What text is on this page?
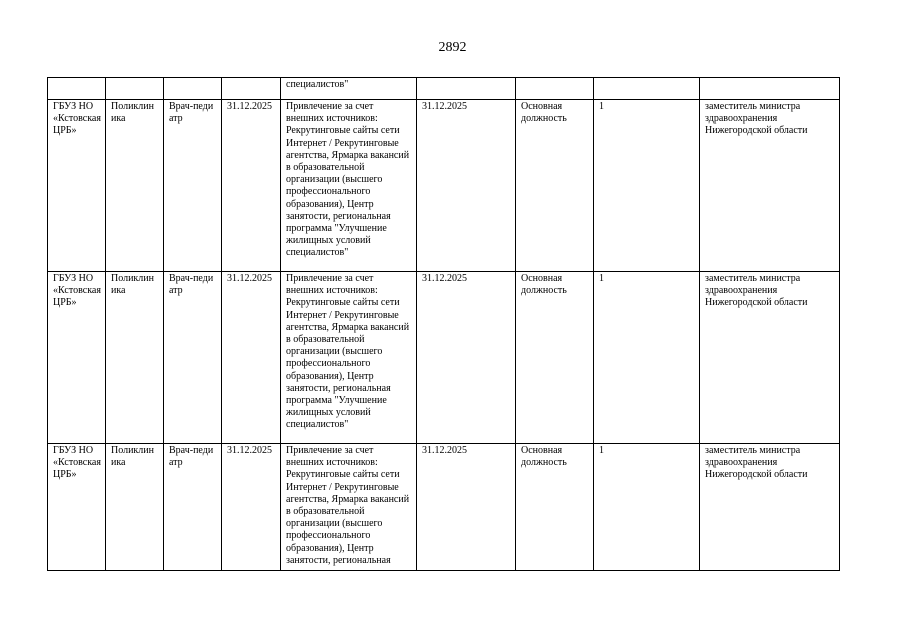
2892
				специалистов"				
ГБУЗ НО «Кстовская ЦРБ»	Поликлиника	Врач-педиатр	31.12.2025	Привлечение за счет внешних источников: Рекрутинговые сайты сети Интернет / Рекрутинговые агентства, Ярмарка вакансий в образовательной организации (высшего профессионального образования), Центр занятости, региональная программа "Улучшение жилищных условий специалистов"	31.12.2025	Основная должность	1	заместитель министра здравоохранения Нижегородской области
ГБУЗ НО «Кстовская ЦРБ»	Поликлиника	Врач-педиатр	31.12.2025	Привлечение за счет внешних источников: Рекрутинговые сайты сети Интернет / Рекрутинговые агентства, Ярмарка вакансий в образовательной организации (высшего профессионального образования), Центр занятости, региональная программа "Улучшение жилищных условий специалистов"	31.12.2025	Основная должность	1	заместитель министра здравоохранения Нижегородской области
ГБУЗ НО «Кстовская ЦРБ»	Поликлиника	Врач-педиатр	31.12.2025	Привлечение за счет внешних источников: Рекрутинговые сайты сети Интернет / Рекрутинговые агентства, Ярмарка вакансий в образовательной организации (высшего профессионального образования), Центр занятости, региональная	31.12.2025	Основная должность	1	заместитель министра здравоохранения Нижегородской области
